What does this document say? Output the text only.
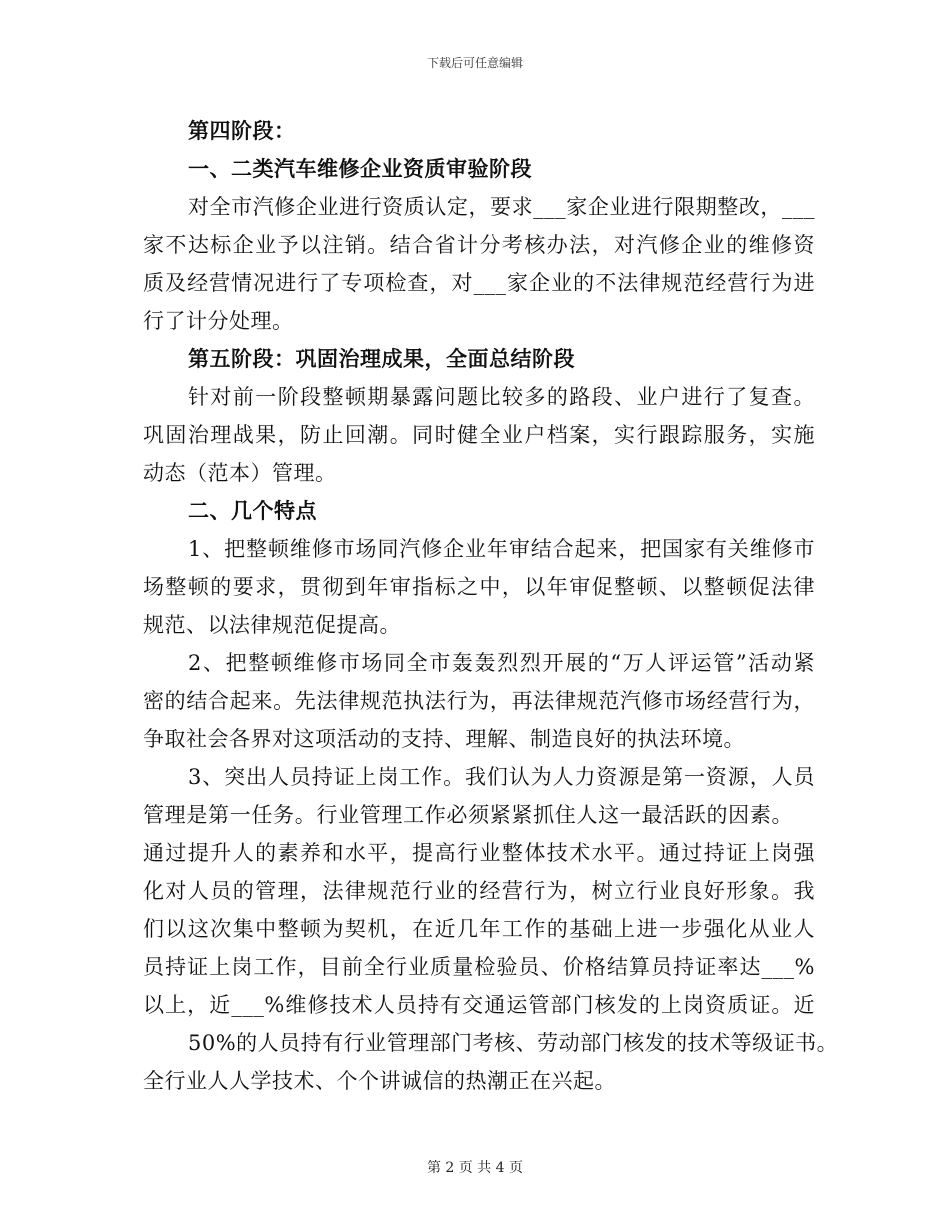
下载后可任意编辑
第四阶段：
一、二类汽车维修企业资质审验阶段
对全市汽修企业进行资质认定，要求___家企业进行限期整改，___
家不达标企业予以注销。结合省计分考核办法，对汽修企业的维修资
质及经营情况进行了专项检查，对___家企业的不法律规范经营行为进
行了计分处理。
第五阶段：巩固治理成果，全面总结阶段
针对前一阶段整顿期暴露问题比较多的路段、业户进行了复查。
巩固治理战果，防止回潮。同时健全业户档案，实行跟踪服务，实施
动态（范本）管理。
二、几个特点
1、把整顿维修市场同汽修企业年审结合起来，把国家有关维修市
场整顿的要求，贯彻到年审指标之中，以年审促整顿、以整顿促法律
规范、以法律规范促提高。
2、把整顿维修市场同全市轰轰烈烈开展的“万人评运管”活动紧
密的结合起来。先法律规范执法行为，再法律规范汽修市场经营行为，
争取社会各界对这项活动的支持、理解、制造良好的执法环境。
3、突出人员持证上岗工作。我们认为人力资源是第一资源，人员
管理是第一任务。行业管理工作必须紧紧抓住人这一最活跃的因素。
通过提升人的素养和水平，提高行业整体技术水平。通过持证上岗强
化对人员的管理，法律规范行业的经营行为，树立行业良好形象。我
们以这次集中整顿为契机，在近几年工作的基础上进一步强化从业人
员持证上岗工作，目前全行业质量检验员、价格结算员持证率达___%
以上，近___%维修技术人员持有交通运管部门核发的上岗资质证。近
50%的人员持有行业管理部门考核、劳动部门核发的技术等级证书。
全行业人人学技术、个个讲诚信的热潮正在兴起。
第 2 页 共 4 页
